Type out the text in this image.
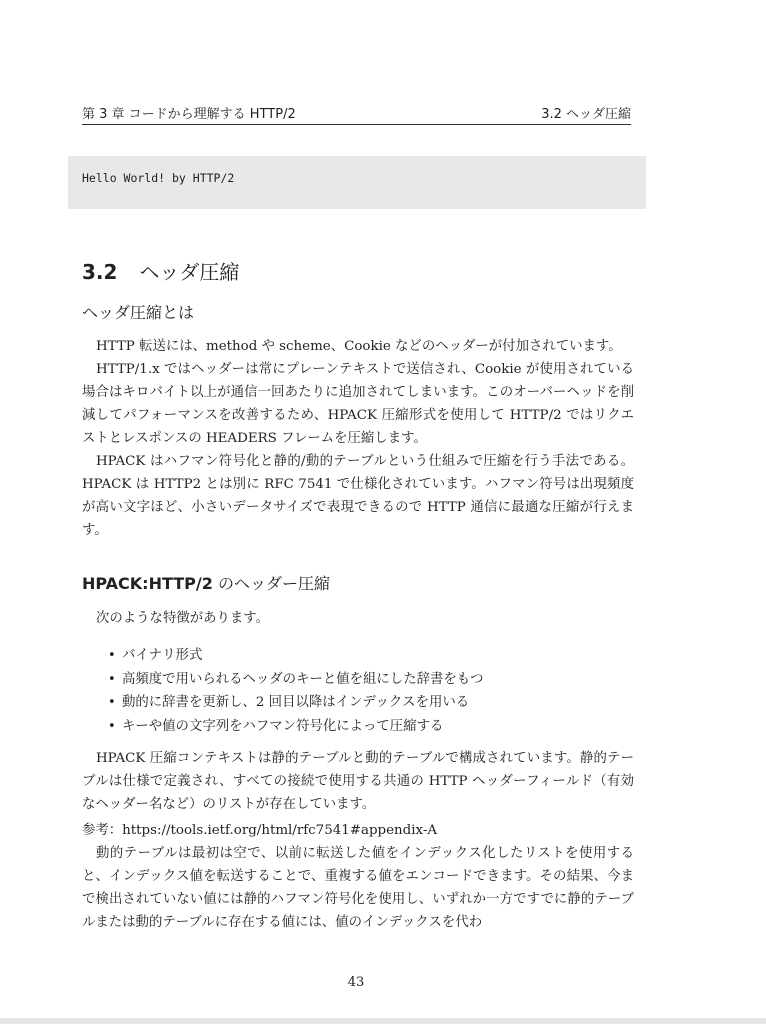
第 3 章 コードから理解する HTTP/2	3.2 ヘッダ圧縮
Hello World! by HTTP/2
3.2 ヘッダ圧縮
ヘッダ圧縮とは

HTTP 転送には、method や scheme、Cookie などのヘッダーが付加されています。

HTTP/1.x ではヘッダーは常にプレーンテキストで送信され、Cookie が使用されている場合はキロバイト以上が通信一回あたりに追加されてしまいます。このオーバーヘッドを削減してパフォーマンスを改善するため、HPACK 圧縮形式を使用して HTTP/2 ではリクエストとレスポンスの HEADERS フレームを圧縮します。

HPACK はハフマン符号化と静的/動的テーブルという仕組みで圧縮を行う手法である。HPACK は HTTP2 とは別に RFC 7541 で仕様化されています。ハフマン符号は出現頻度が高い文字ほど、小さいデータサイズで表現できるので HTTP 通信に最適な圧縮が行えます。

HPACK:HTTP/2 のヘッダー圧縮

次のような特徴があります。

• バイナリ形式
• 高頻度で用いられるヘッダのキーと値を組にした辞書をもつ
• 動的に辞書を更新し、2 回目以降はインデックスを用いる
• キーや値の文字列をハフマン符号化によって圧縮する

HPACK 圧縮コンテキストは静的テーブルと動的テーブルで構成されています。静的テーブルは仕様で定義され、すべての接続で使用する共通の HTTP ヘッダーフィールド（有効なヘッダー名など）のリストが存在しています。

参考：https://tools.ietf.org/html/rfc7541#appendix-A

動的テーブルは最初は空で、以前に転送した値をインデックス化したリストを使用すると、インデックス値を転送することで、重複する値をエンコードできます。その結果、今まで検出されていない値には静的ハフマン符号化を使用し、いずれか一方ですでに静的テーブルまたは動的テーブルに存在する値には、値のインデックスを代わ

43
